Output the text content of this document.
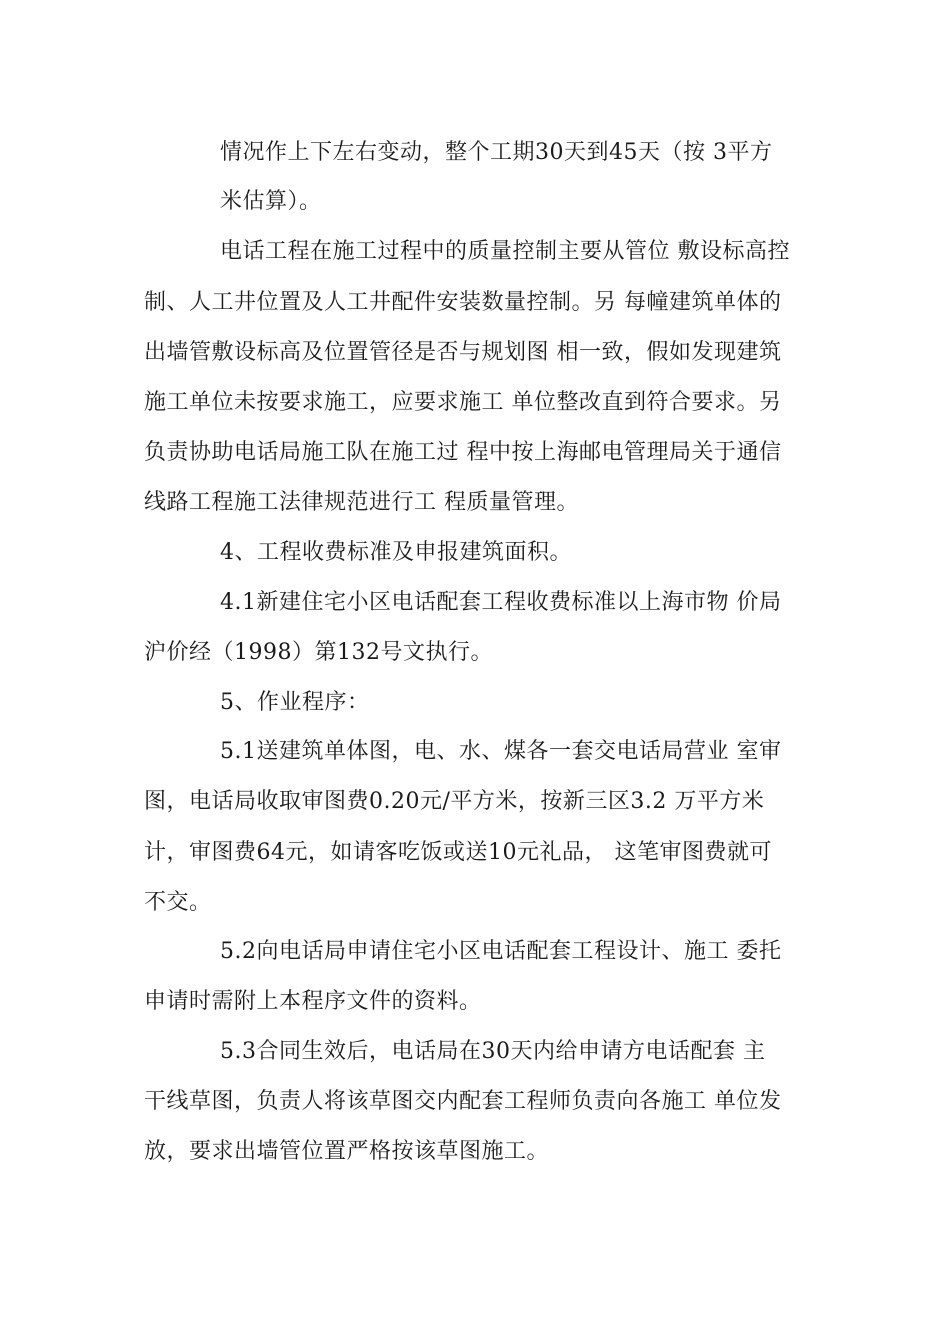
情况作上下左右变动，整个工期30天到45天（按 3平方
米估算）。
电话工程在施工过程中的质量控制主要从管位 敷设标高控
制、人工井位置及人工井配件安装数量控制。另 每幢建筑单体的
出墙管敷设标高及位置管径是否与规划图 相一致，假如发现建筑
施工单位未按要求施工，应要求施工 单位整改直到符合要求。另
负责协助电话局施工队在施工过 程中按上海邮电管理局关于通信
线路工程施工法律规范进行工 程质量管理。
4、工程收费标准及申报建筑面积。
4.1新建住宅小区电话配套工程收费标准以上海市物 价局
沪价经（1998）第132号文执行。
5、作业程序：
5.1送建筑单体图，电、水、煤各一套交电话局营业 室审
图，电话局收取审图费0.20元/平方米，按新三区3.2 万平方米
计，审图费64元，如请客吃饭或送10元礼品， 这笔审图费就可
不交。
5.2向电话局申请住宅小区电话配套工程设计、施工 委托
申请时需附上本程序文件的资料。
5.3合同生效后，电话局在30天内给申请方电话配套 主
干线草图，负责人将该草图交内配套工程师负责向各施工 单位发
放，要求出墙管位置严格按该草图施工。
